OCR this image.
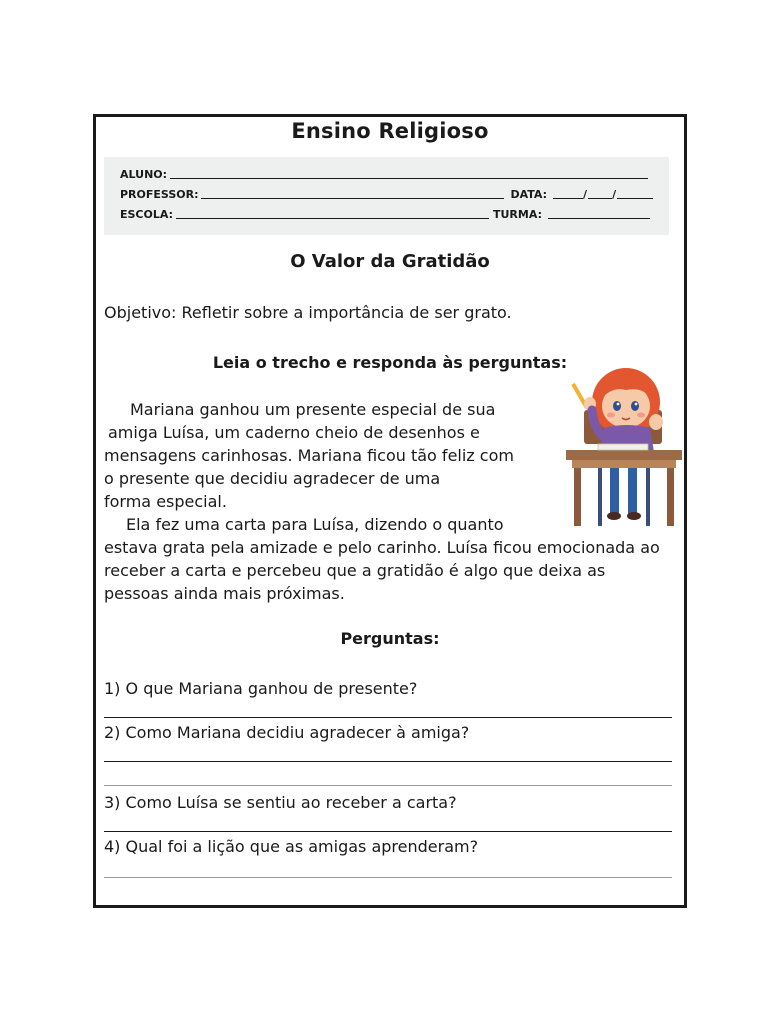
Ensino Religioso
ALUNO:
PROFESSOR:	DATA:	/ /
ESCOLA:	TURMA:
O Valor da Gratidão
Objetivo: Refletir sobre a importância de ser grato.
Leia o trecho e responda às perguntas:
Mariana ganhou um presente especial de sua
amiga Luísa, um caderno cheio de desenhos e
mensagens carinhosas. Mariana ficou tão feliz com
o presente que decidiu agradecer de uma
forma especial.
Ela fez uma carta para Luísa, dizendo o quanto
estava grata pela amizade e pelo carinho. Luísa ficou emocionada ao
receber a carta e percebeu que a gratidão é algo que deixa as
pessoas ainda mais próximas.
Perguntas:
1) O que Mariana ganhou de presente?
2) Como Mariana decidiu agradecer à amiga?
3) Como Luísa se sentiu ao receber a carta?
4) Qual foi a lição que as amigas aprenderam?
